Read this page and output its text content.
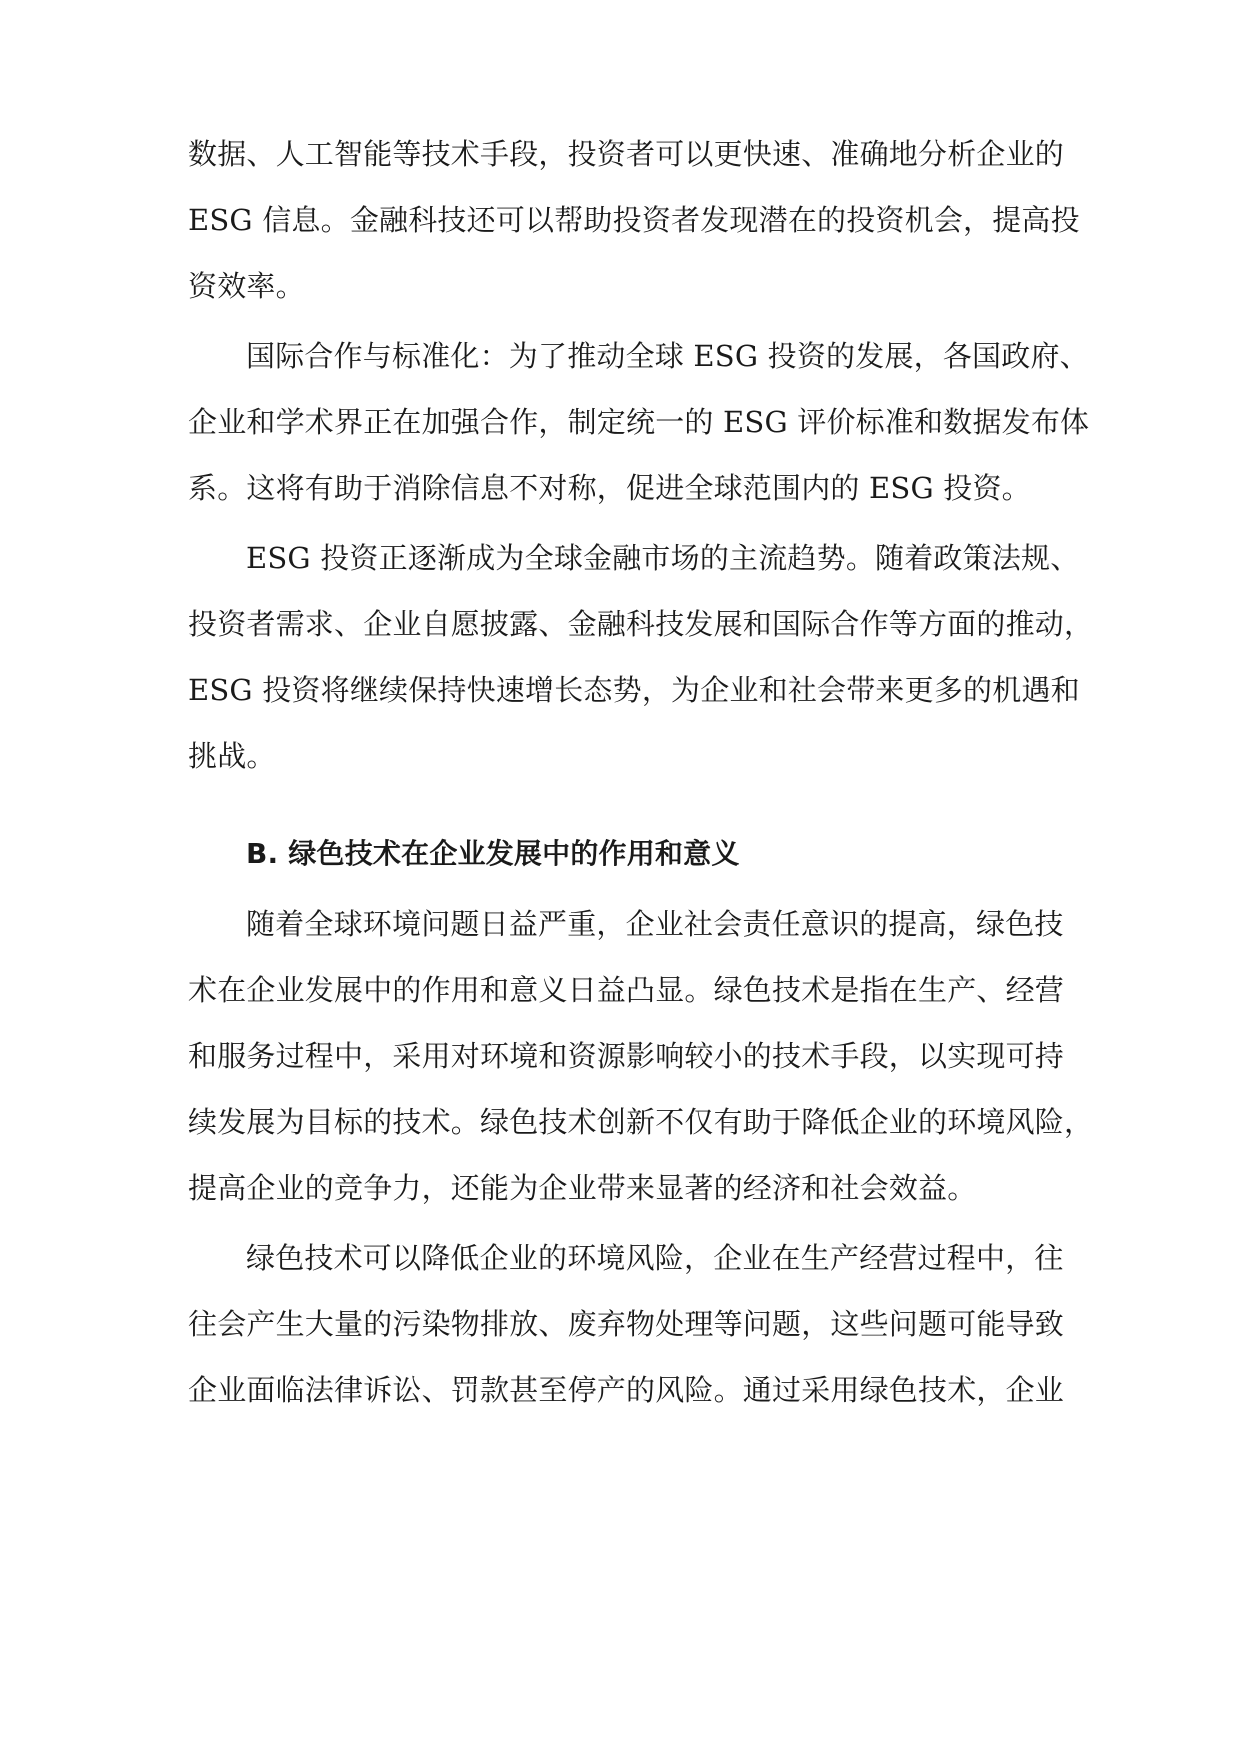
数据、人工智能等技术手段，投资者可以更快速、准确地分析企业的
ESG 信息。金融科技还可以帮助投资者发现潜在的投资机会，提高投
资效率。
国际合作与标准化：为了推动全球 ESG 投资的发展，各国政府、
企业和学术界正在加强合作，制定统一的 ESG 评价标准和数据发布体
系。这将有助于消除信息不对称，促进全球范围内的 ESG 投资。
ESG 投资正逐渐成为全球金融市场的主流趋势。随着政策法规、
投资者需求、企业自愿披露、金融科技发展和国际合作等方面的推动，
ESG 投资将继续保持快速增长态势，为企业和社会带来更多的机遇和
挑战。
B. 绿色技术在企业发展中的作用和意义
随着全球环境问题日益严重，企业社会责任意识的提高，绿色技
术在企业发展中的作用和意义日益凸显。绿色技术是指在生产、经营
和服务过程中，采用对环境和资源影响较小的技术手段，以实现可持
续发展为目标的技术。绿色技术创新不仅有助于降低企业的环境风险，
提高企业的竞争力，还能为企业带来显著的经济和社会效益。
绿色技术可以降低企业的环境风险，企业在生产经营过程中，往
往会产生大量的污染物排放、废弃物处理等问题，这些问题可能导致
企业面临法律诉讼、罚款甚至停产的风险。通过采用绿色技术，企业
